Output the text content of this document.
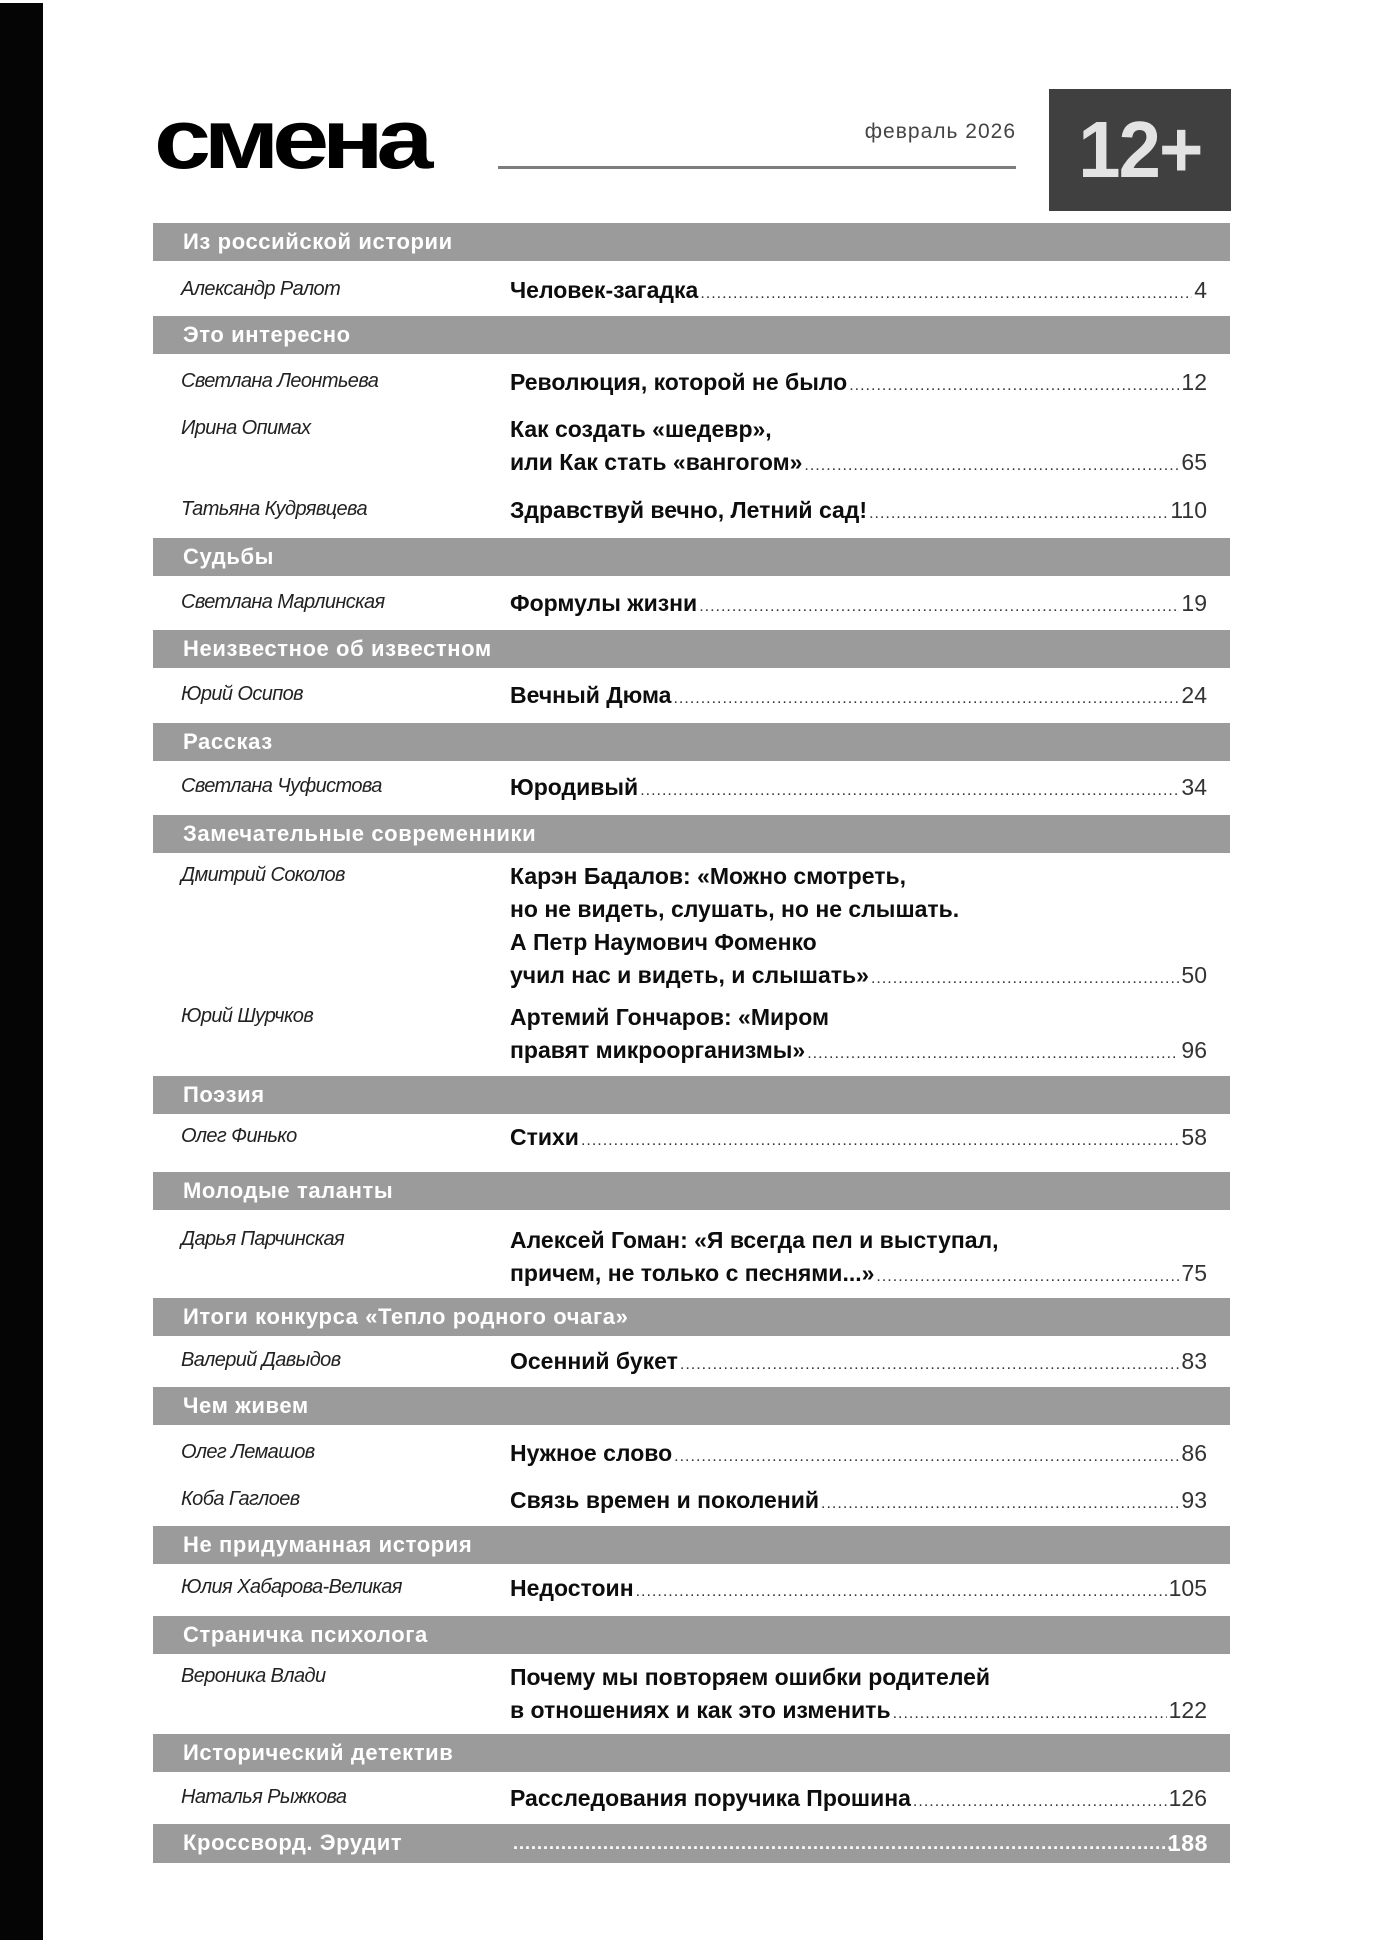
смена	февраль 2026 12+
Из российской истории
Александр Ралот	Человек-загадка .....	4
Это интересно
Светлана Леонтьева	Революция, которой не было .....	12
Ирина Опимах	Как создать «шедевр»,
или Как стать «вангогом» .....	65
Татьяна Кудрявцева	Здравствуй вечно, Летний сад! .....	110
Судьбы
Светлана Марлинская	Формулы жизни .....	19
Неизвестное об известном
Юрий Осипов	Вечный Дюма .....	24
Рассказ
Светлана Чуфистова	Юродивый .....	34
Замечательные современники
Дмитрий Соколов	Карэн Бадалов: «Можно смотреть,
но не видеть, слушать, но не слышать.
А Петр Наумович Фоменко
учил нас и видеть, и слышать» .....	50
Юрий Шурчков	Артемий Гончаров: «Миром
правят микроорганизмы» .....	96
Поэзия
Олег Финько	Стихи .....	58
Молодые таланты
Дарья Парчинская	Алексей Гоман: «Я всегда пел и выступал,
причем, не только с песнями...» .....	75
Итоги конкурса «Тепло родного очага»
Валерий Давыдов	Осенний букет .....	83
Чем живем
Олег Лемашов	Нужное слово .....	86
Коба Гаглоев	Связь времен и поколений .....	93
Не придуманная история
Юлия Хабарова-Великая	Недостоин .....	105
Страничка психолога
Вероника Влади	Почему мы повторяем ошибки родителей
в отношениях и как это изменить .....	122
Исторический детектив
Наталья Рыжкова	Расследования поручика Прошина .....	126
Кроссворд. Эрудит .....	188
